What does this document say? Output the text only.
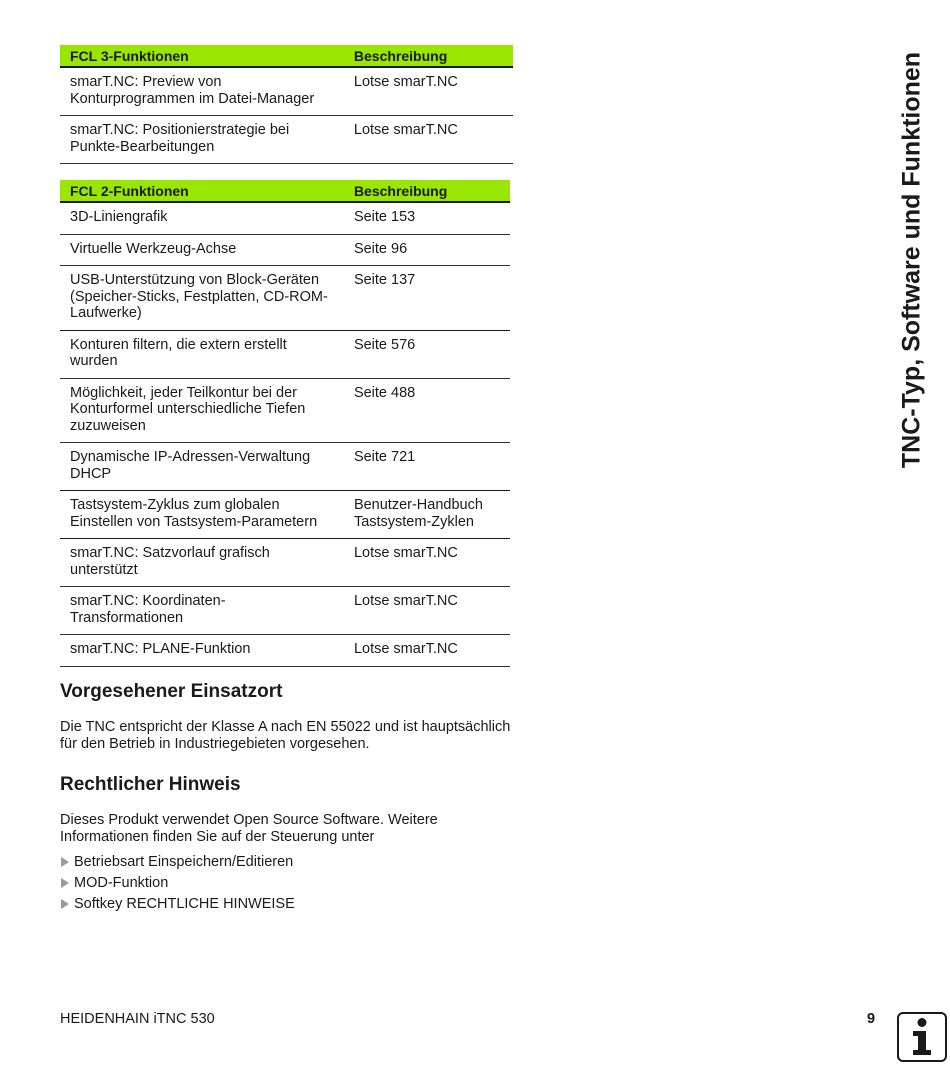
FCL 3-Funktionen	Beschreibung
smarT.NC: Preview von Konturprogrammen im Datei-Manager	Lotse smarT.NC
smarT.NC: Positionierstrategie bei Punkte-Bearbeitungen	Lotse smarT.NC
FCL 2-Funktionen	Beschreibung
3D-Liniengrafik	Seite 153
Virtuelle Werkzeug-Achse	Seite 96
USB-Unterstützung von Block-Geräten (Speicher-Sticks, Festplatten, CD-ROM-Laufwerke)	Seite 137
Konturen filtern, die extern erstellt wurden	Seite 576
Möglichkeit, jeder Teilkontur bei der Konturformel unterschiedliche Tiefen zuzuweisen	Seite 488
Dynamische IP-Adressen-Verwaltung DHCP	Seite 721
Tastsystem-Zyklus zum globalen Einstellen von Tastsystem-Parametern	Benutzer-Handbuch Tastsystem-Zyklen
smarT.NC: Satzvorlauf grafisch unterstützt	Lotse smarT.NC
smarT.NC: Koordinaten-Transformationen	Lotse smarT.NC
smarT.NC: PLANE-Funktion	Lotse smarT.NC
Vorgesehener Einsatzort

Die TNC entspricht der Klasse A nach EN 55022 und ist hauptsächlich für den Betrieb in Industriegebieten vorgesehen.

Rechtlicher Hinweis

Dieses Produkt verwendet Open Source Software. Weitere Informationen finden Sie auf der Steuerung unter

Betriebsart Einspeichern/Editieren
MOD-Funktion
Softkey RECHTLICHE HINWEISE
TNC-Typ, Software und Funktionen
HEIDENHAIN iTNC 530	9
